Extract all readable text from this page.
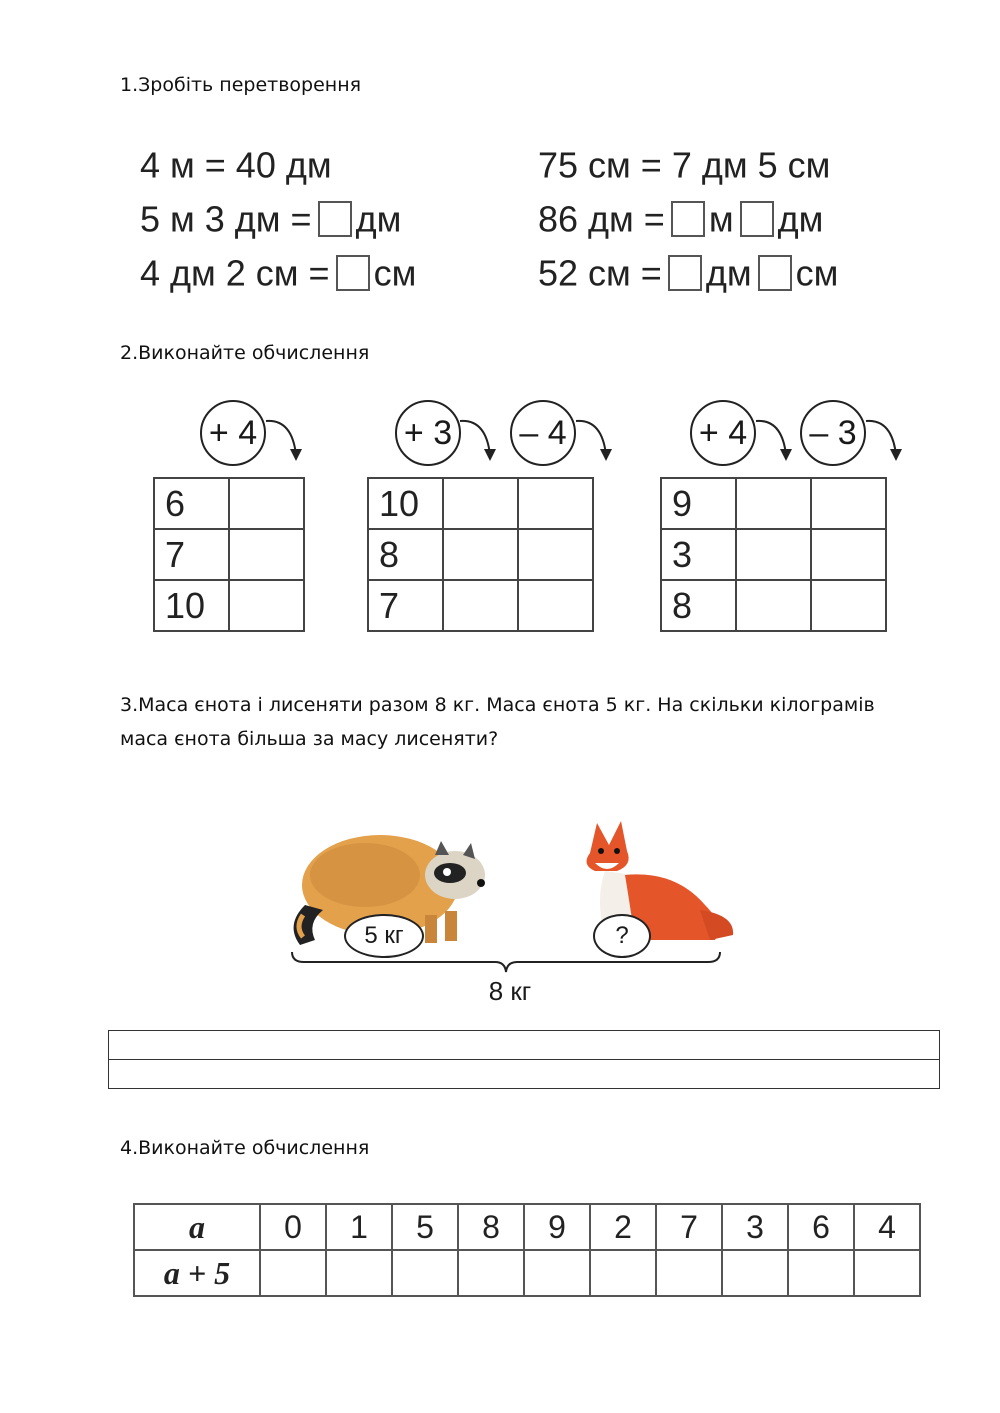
1.Зробіть перетворення
4 м = 40 дм
5 м 3 дм = дм
4 дм 2 см = см
75 см = 7 дм 5 см
86 дм = м дм
52 см = дм см
2.Виконайте обчислення
+ 4
6	
7	
10	
+ 3 – 4
10		
8		
7		
+ 4 – 3
9		
3		
8		
3.Маса єнота і лисеняти разом 8 кг. Маса єнота 5 кг. На скільки кілограмів маса єнота більша за масу лисеняти?
5 кг	?
8 кг
4.Виконайте обчислення
a	0	1	5	8	9	2	7	3	6	4
a + 5										
